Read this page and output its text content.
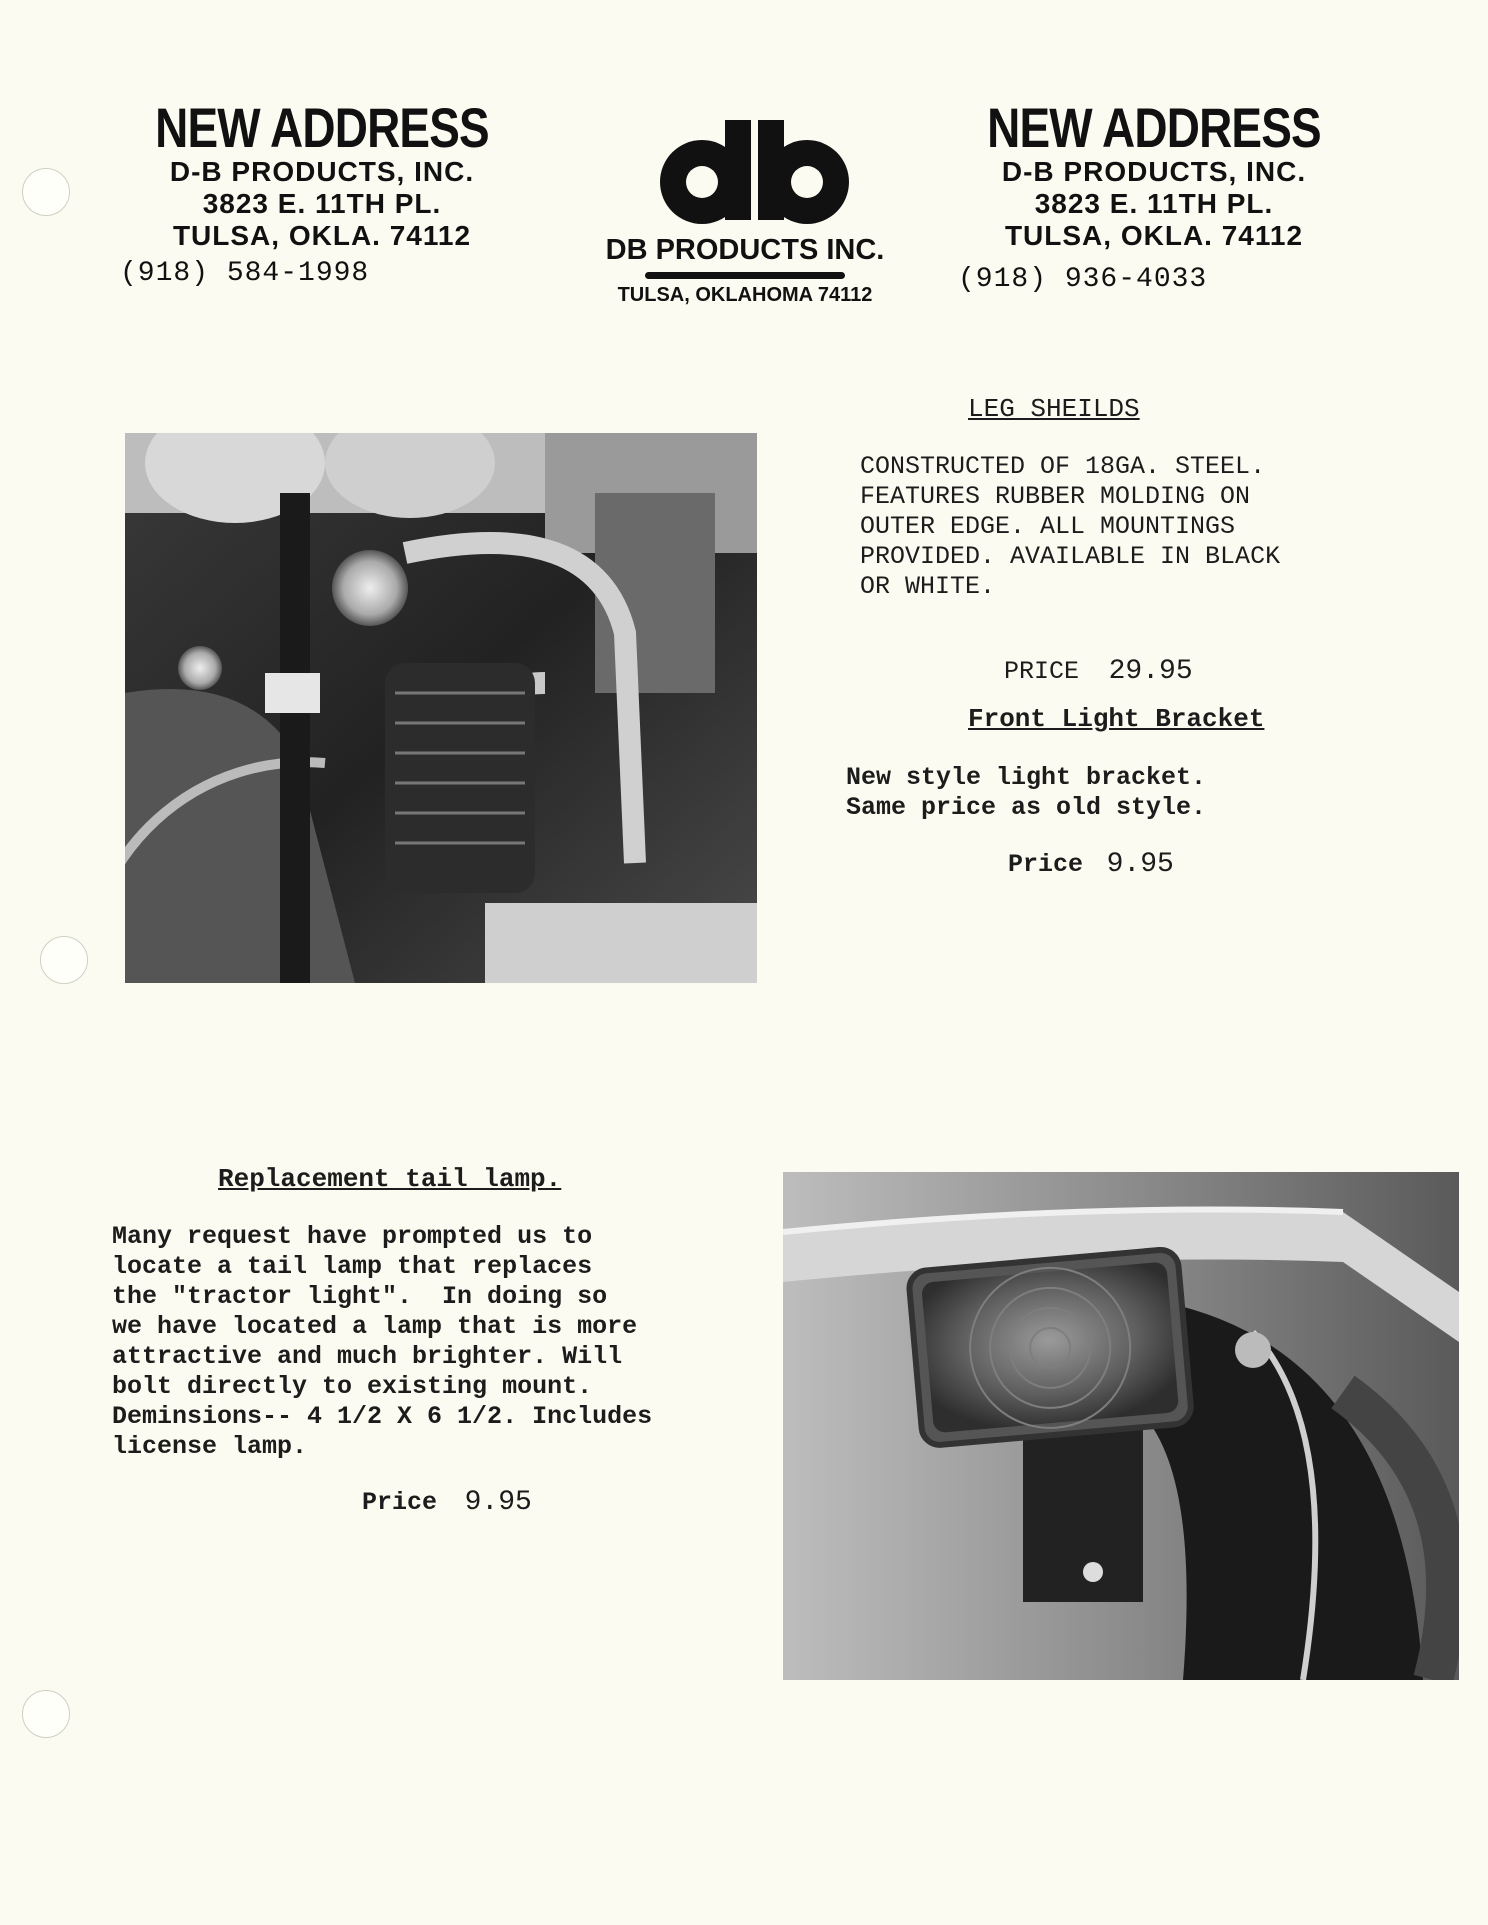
NEW ADDRESS
D-B PRODUCTS, INC.
3823 E. 11TH PL.
TULSA, OKLA. 74112
(918) 584-1998
DB PRODUCTS INC.
TULSA, OKLAHOMA 74112
NEW ADDRESS
D-B PRODUCTS, INC.
3823 E. 11TH PL.
TULSA, OKLA. 74112
(918) 936-4033
LEG SHEILDS
CONSTRUCTED OF 18GA. STEEL.
FEATURES RUBBER MOLDING ON
OUTER EDGE. ALL MOUNTINGS
PROVIDED. AVAILABLE IN BLACK
OR WHITE.
PRICE 29.95
Front Light Bracket
New style light bracket.
Same price as old style.
Price 9.95
Replacement tail lamp.
Many request have prompted us to
locate a tail lamp that replaces
the "tractor light".  In doing so
we have located a lamp that is more
attractive and much brighter. Will
bolt directly to existing mount.
Deminsions-- 4 1/2 X 6 1/2. Includes
license lamp.
Price 9.95
